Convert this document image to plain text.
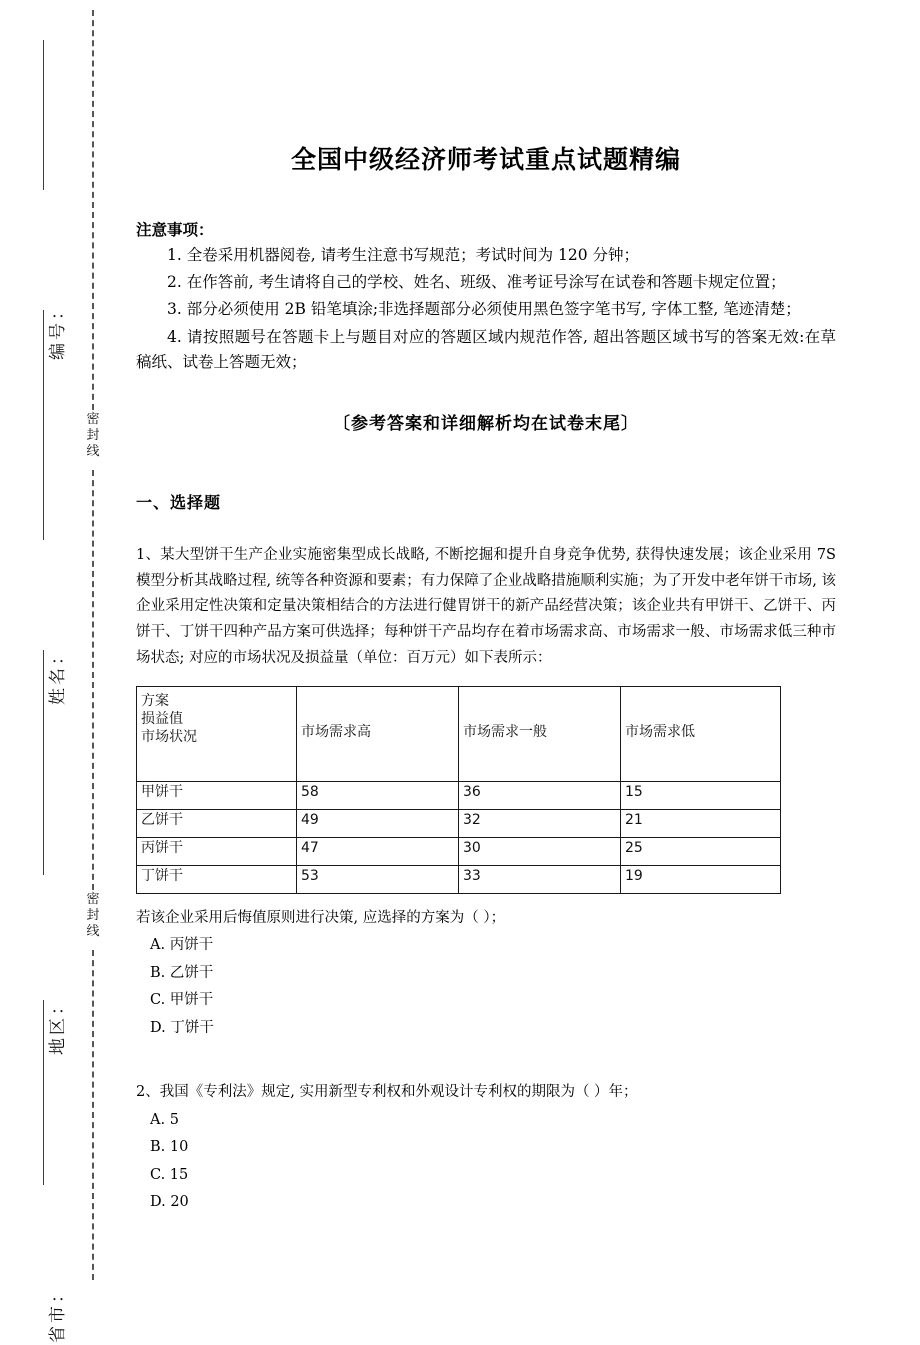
编号：
姓名：
地区：
省市：
密
封
线
密
封
线
全国中级经济师考试重点试题精编
注意事项：
1. 全卷采用机器阅卷, 请考生注意书写规范；考试时间为 120 分钟；
2. 在作答前, 考生请将自己的学校、姓名、班级、准考证号涂写在试卷和答题卡规定位置；
3. 部分必须使用 2B 铅笔填涂;非选择题部分必须使用黑色签字笔书写, 字体工整, 笔迹清楚；
4. 请按照题号在答题卡上与题目对应的答题区域内规范作答, 超出答题区域书写的答案无效:在草稿纸、试卷上答题无效；
〔参考答案和详细解析均在试卷末尾〕
一、选择题
1、某大型饼干生产企业实施密集型成长战略, 不断挖掘和提升自身竞争优势, 获得快速发展；该企业采用 7S 模型分析其战略过程, 统等各种资源和要素；有力保障了企业战略措施顺利实施；为了开发中老年饼干市场, 该企业采用定性决策和定量决策相结合的方法进行健胃饼干的新产品经营决策；该企业共有甲饼干、乙饼干、丙饼干、丁饼干四种产品方案可供选择；每种饼干产品均存在着市场需求高、市场需求一般、市场需求低三种市场状态; 对应的市场状况及损益量（单位：百万元）如下表所示：
方案
损益值
市场状况	市场需求高	市场需求一般	市场需求低
甲饼干	58	36	15
乙饼干	49	32	21
丙饼干	47	30	25
丁饼干	53	33	19
若该企业采用后悔值原则进行决策, 应选择的方案为（ ）；
A. 丙饼干
B. 乙饼干
C. 甲饼干
D. 丁饼干
2、我国《专利法》规定, 实用新型专利权和外观设计专利权的期限为（ ）年；
A. 5
B. 10
C. 15
D. 20
